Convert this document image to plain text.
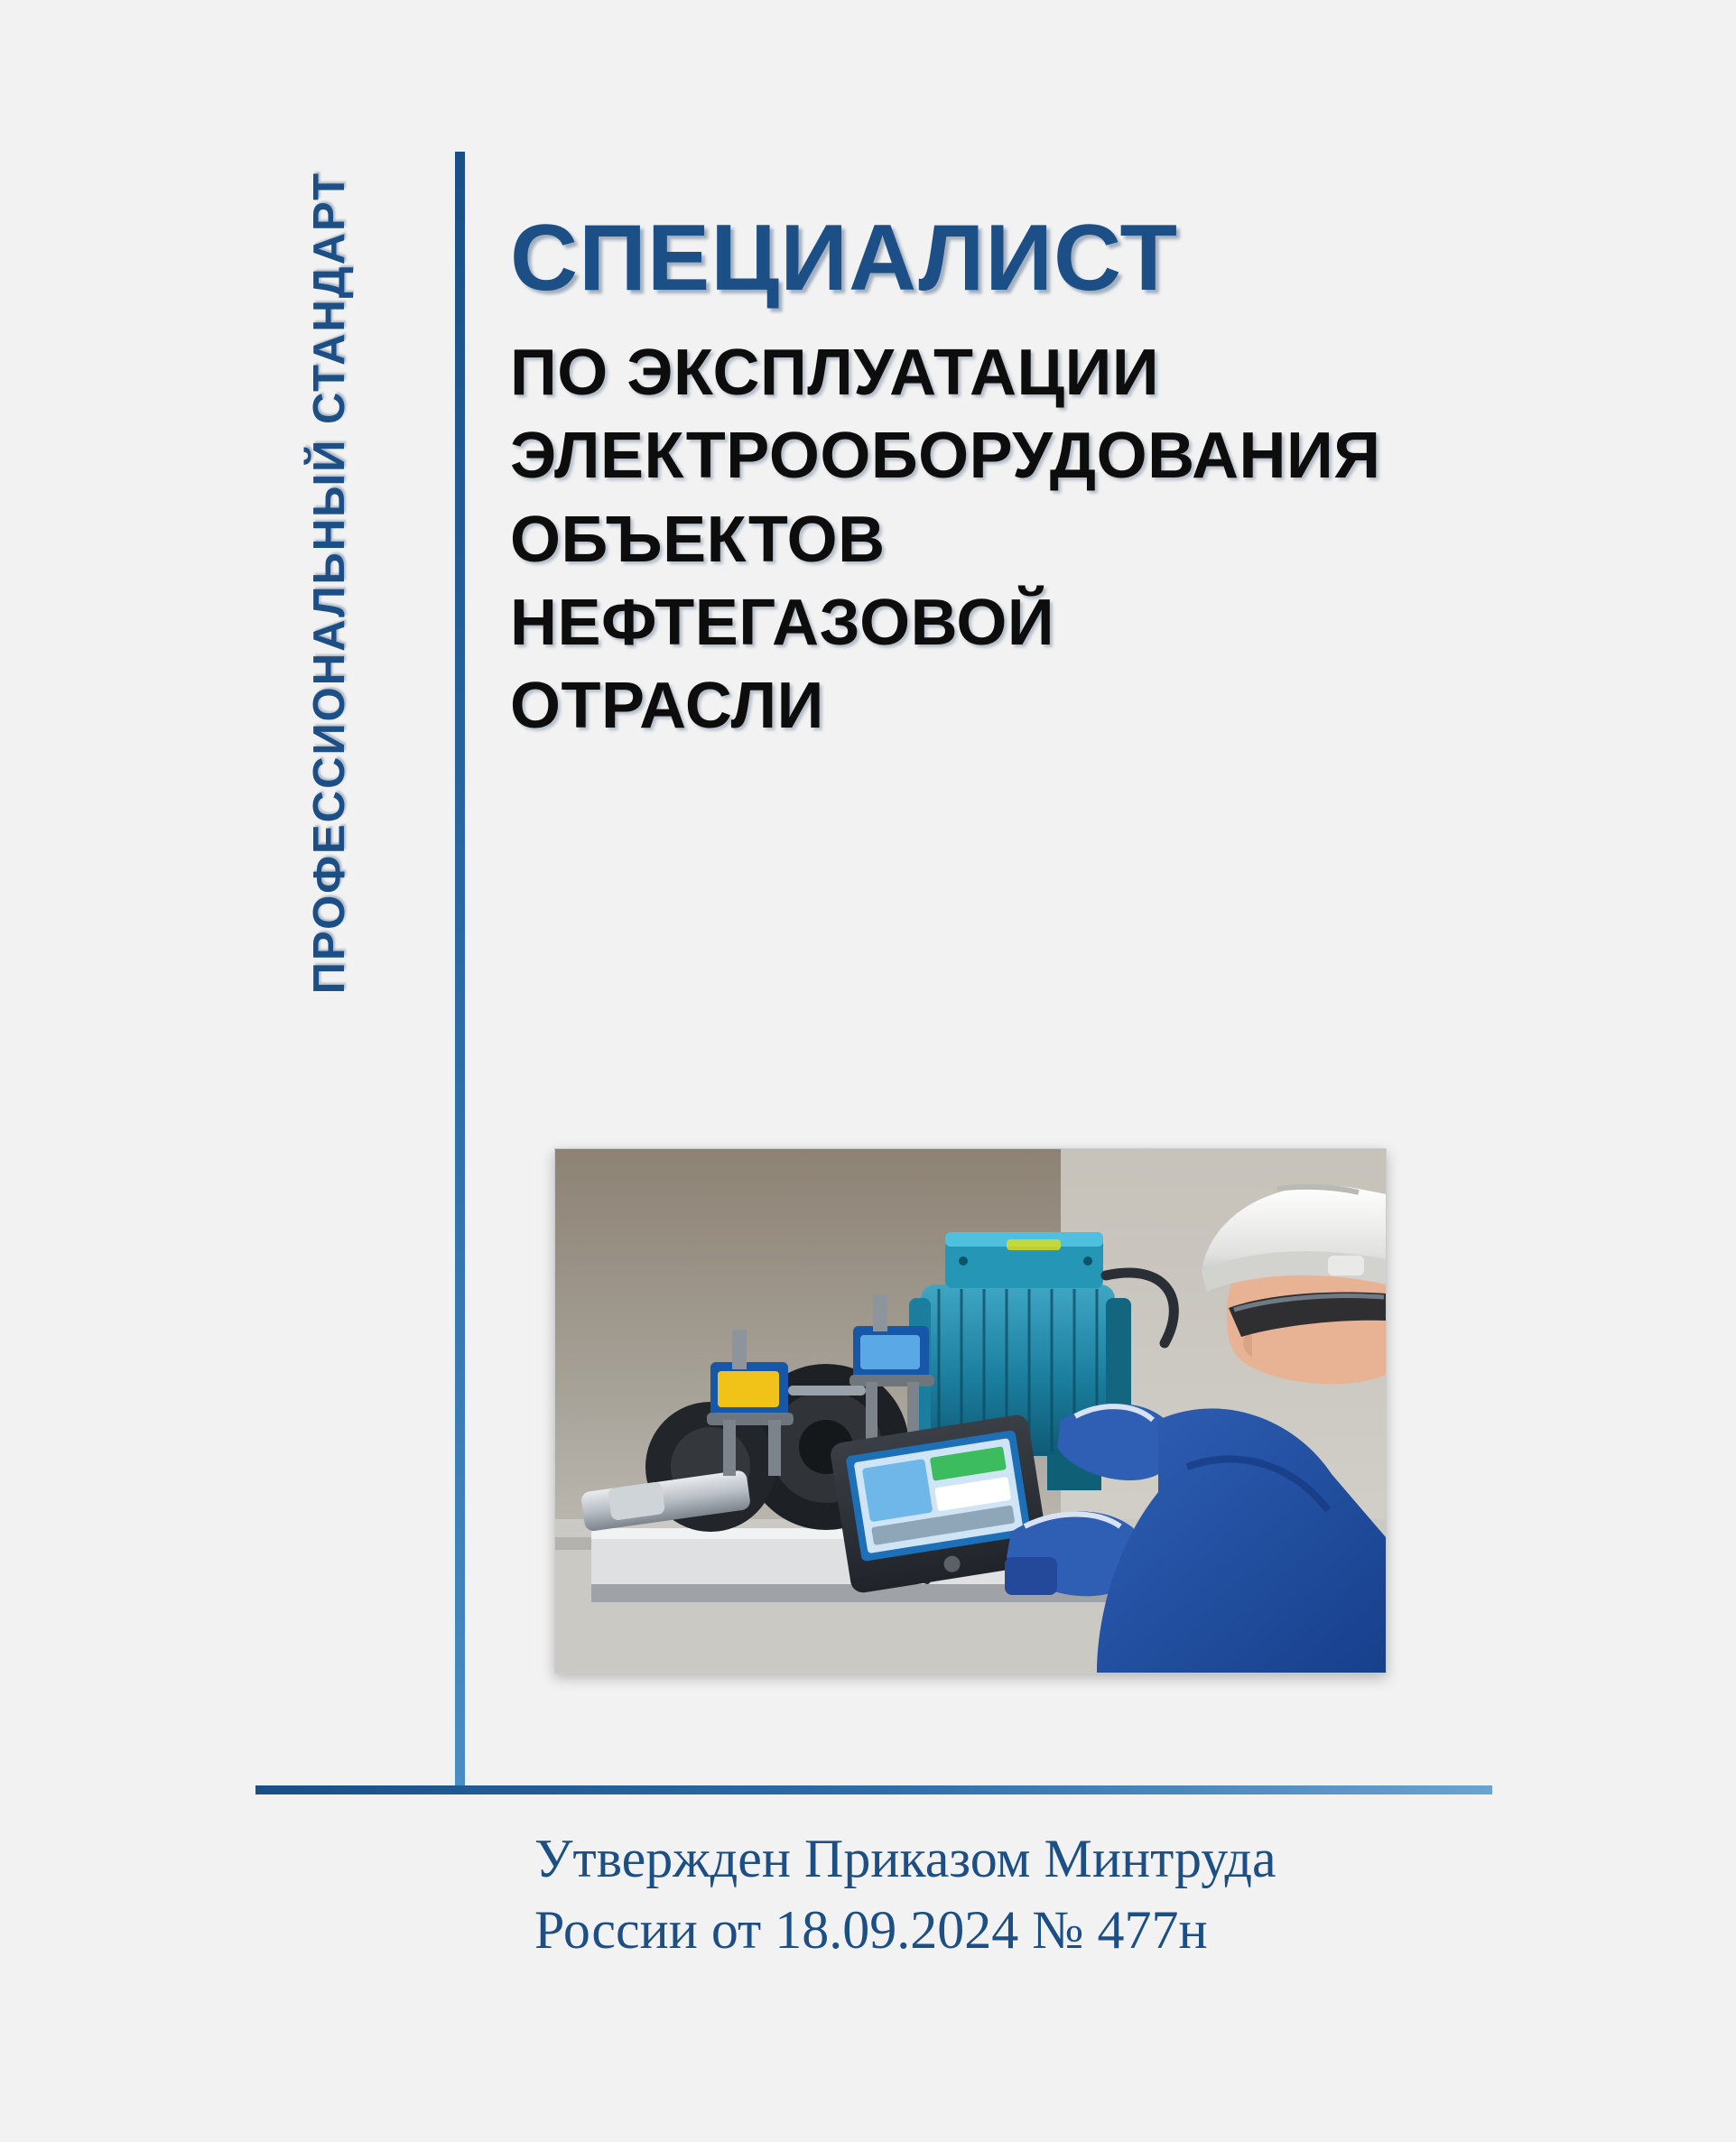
ПРОФЕССИОНАЛЬНЫЙ СТАНДАРТ СПЕЦИАЛИСТ
ПО ЭКСПЛУАТАЦИИ
ЭЛЕКТРООБОРУДОВАНИЯ
ОБЪЕКТОВ
НЕФТЕГАЗОВОЙ
ОТРАСЛИ
Утвержден Приказом Минтруда
России от 18.09.2024 № 477н
